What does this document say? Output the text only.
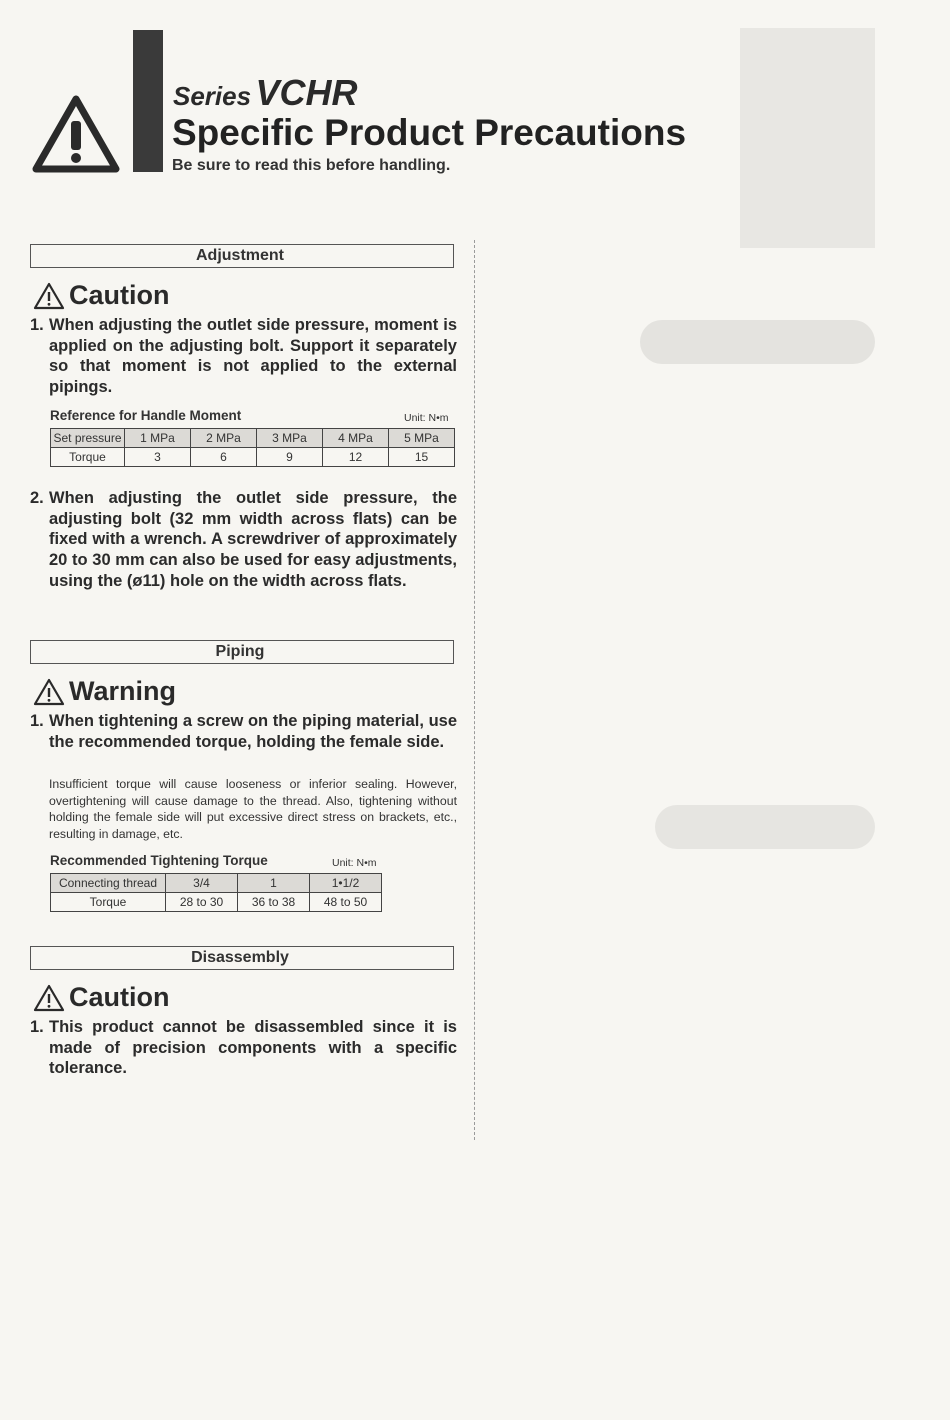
Series VCHR
Specific Product Precautions
Be sure to read this before handling.
Adjustment
Caution
1. When adjusting the outlet side pressure, moment is applied on the adjusting bolt. Support it separately so that moment is not applied to the external pipings.
Reference for Handle Moment	Unit: N•m
Set pressure	1 MPa	2 MPa	3 MPa	4 MPa	5 MPa
Torque	3	6	9	12	15
2. When adjusting the outlet side pressure, the adjusting bolt (32 mm width across flats) can be fixed with a wrench. A screwdriver of approximately 20 to 30 mm can also be used for easy adjustments, using the (ø11) hole on the width across flats.
Piping
Warning
1. When tightening a screw on the piping material, use the recommended torque, holding the female side.
Insufficient torque will cause looseness or inferior sealing. However, overtightening will cause damage to the thread. Also, tightening without holding the female side will put excessive direct stress on brackets, etc., resulting in damage, etc.
Recommended Tightening Torque	Unit: N•m
Connecting thread	3/4	1	1•1/2
Torque	28 to 30	36 to 38	48 to 50
Disassembly
Caution
1. This product cannot be disassembled since it is made of precision components with a specific tolerance.
